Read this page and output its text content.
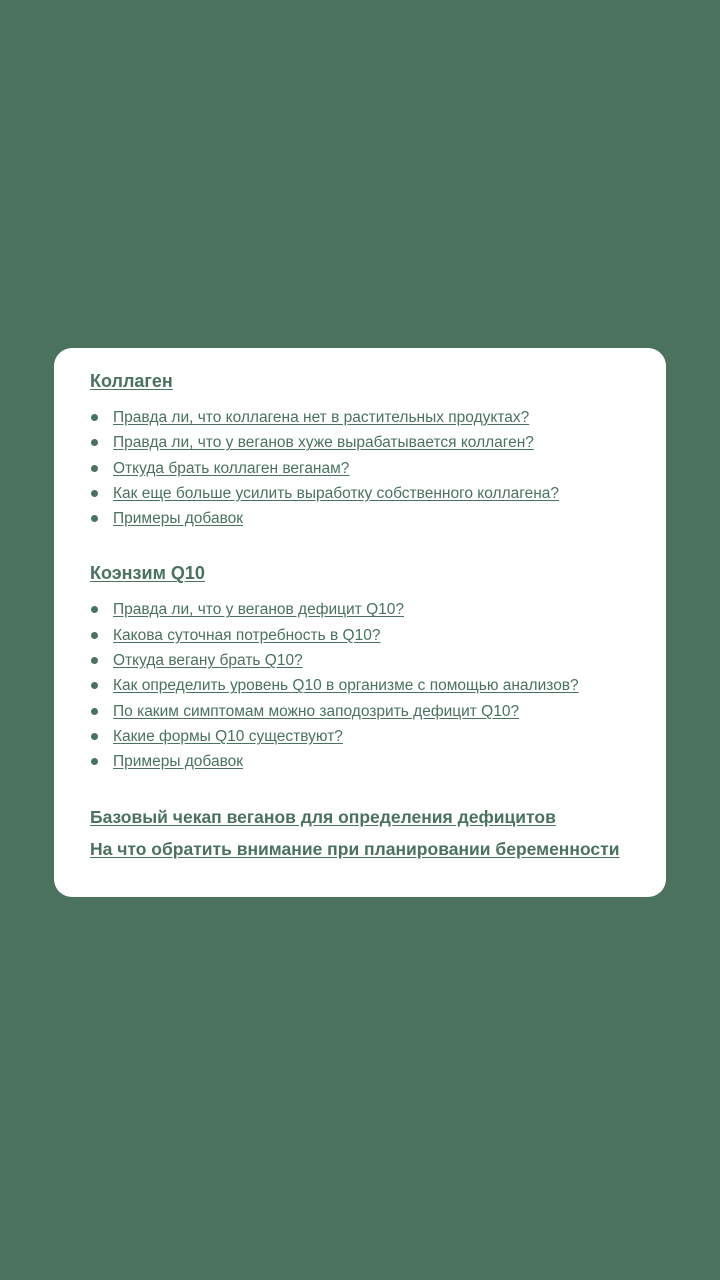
Коллаген
Правда ли, что коллагена нет в растительных продуктах?
Правда ли, что у веганов хуже вырабатывается коллаген?
Откуда брать коллаген веганам?
Как еще больше усилить выработку собственного коллагена?
Примеры добавок
Коэнзим Q10
Правда ли, что у веганов дефицит Q10?
Какова суточная потребность в Q10?
Откуда вегану брать Q10?
Как определить уровень Q10 в организме с помощью анализов?
По каким симптомам можно заподозрить дефицит Q10?
Какие формы Q10 существуют?
Примеры добавок
Базовый чекап веганов для определения дефицитов
На что обратить внимание при планировании беременности
